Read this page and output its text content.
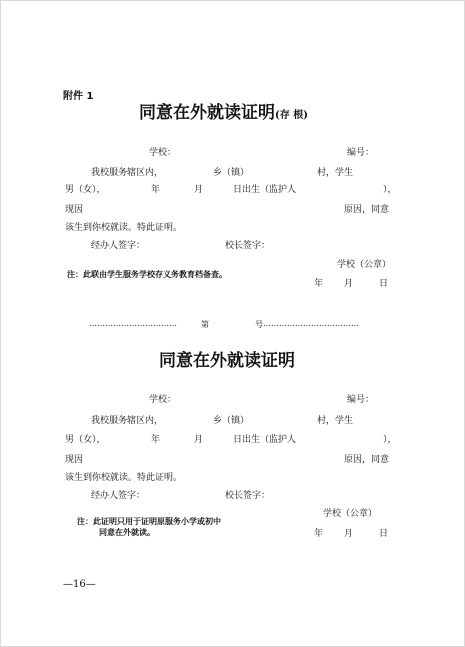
附件 1
同意在外就读证明(存 根)
学校：	编号：
我校服务辖区内，	乡（镇）	村，学生
男（女），	年	月	日出生（监护人	），
现因	原因，同意
该生到你校就读。特此证明。
经办人签字：	校长签字：
学校（公章）
注：此联由学生服务学校存义务教育档备查。
年 月	日
……………………………	第	号 ………………………………
同意在外就读证明
学校：	编号：
我校服务辖区内，	乡（镇）	村，学生
男（女），	年	月	日出生（监护人	），
现因	原因，同意
该生到你校就读。特此证明。
经办人签字：	校长签字：
学校（公章）
注：此证明只用于证明原服务小学或初中
同意在外就读。	年 月	日
—16—
